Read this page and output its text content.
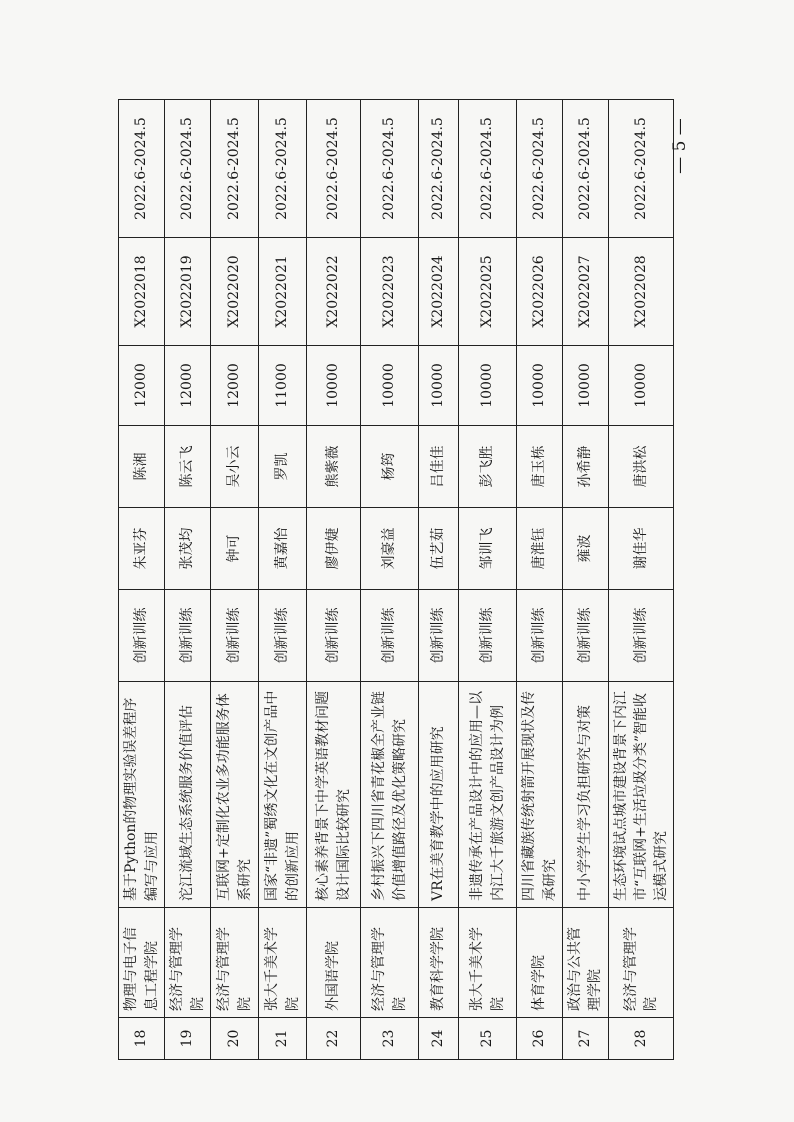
18	物理与电子信息工程学院	基于Python的物理实验误差程序编写与应用	创新训练	朱亚芬	陈湘	12000	X2022018	2022.6-2024.5
19	经济与管理学院	沱江流域生态系统服务价值评估	创新训练	张茂均	陈云飞	12000	X2022019	2022.6-2024.5
20	经济与管理学院	互联网+定制化农业多功能服务体系研究	创新训练	钟可	吴小云	12000	X2022020	2022.6-2024.5
21	张大千美术学院	国家“非遗”蜀绣文化在文创产品中的创新应用	创新训练	黄嘉怡	罗凯	11000	X2022021	2022.6-2024.5
22	外国语学院	核心素养背景下中学英语教材问题设计国际比较研究	创新训练	廖伊婕	熊紫薇	10000	X2022022	2022.6-2024.5
23	经济与管理学院	乡村振兴下四川省青花椒全产业链价值增值路径及优化策略研究	创新训练	刘豪益	杨筠	10000	X2022023	2022.6-2024.5
24	教育科学学院	VR在美育教学中的应用研究	创新训练	伍艺茹	吕佳佳	10000	X2022024	2022.6-2024.5
25	张大千美术学院	非遗传承在产品设计中的应用—以内江大千旅游文创产品设计为例	创新训练	邹训飞	彭飞胜	10000	X2022025	2022.6-2024.5
26	体育学院	四川省藏族传统射箭开展现状及传承研究	创新训练	唐淮钰	唐玉栋	10000	X2022026	2022.6-2024.5
27	政治与公共管理学院	中小学学生学习负担研究与对策	创新训练	雍波	孙希静	10000	X2022027	2022.6-2024.5
28	经济与管理学院	生态环境试点城市建设背景下内江市“互联网+生活垃圾分类”智能收运模式研究	创新训练	谢佳华	唐洪松	10000	X2022028	2022.6-2024.5 — 5 —
